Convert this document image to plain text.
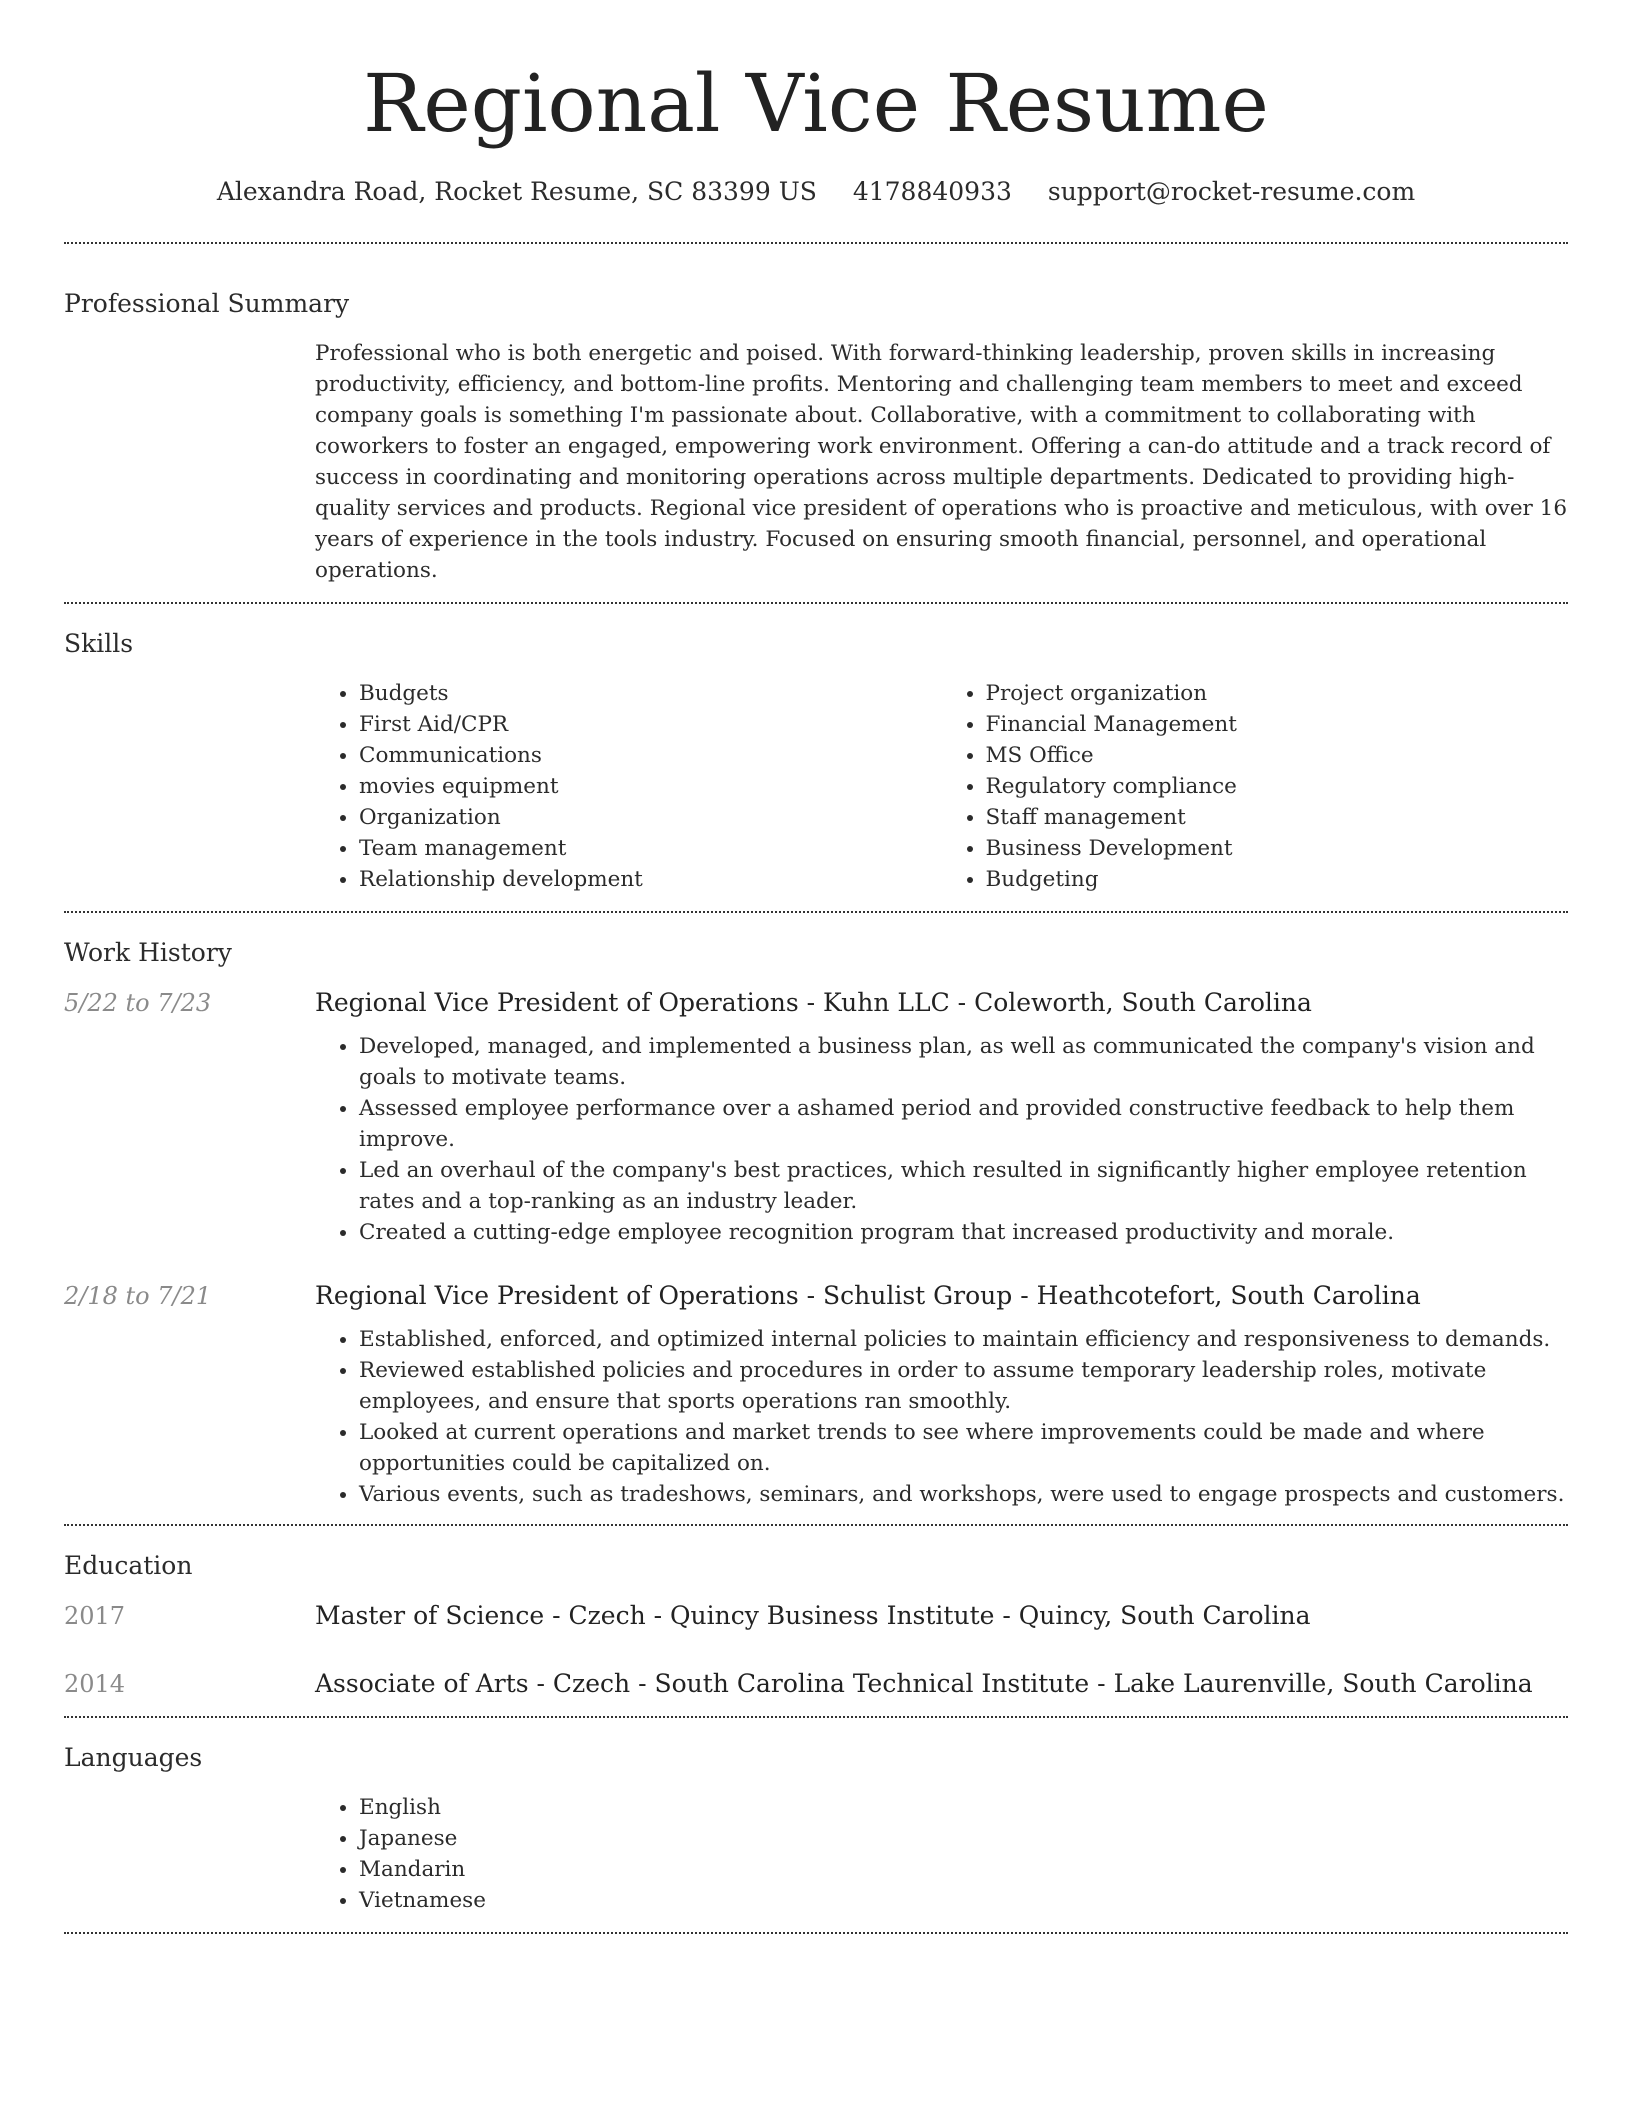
Regional Vice Resume
Alexandra Road, Rocket Resume, SC 83399 US 4178840933 support@rocket-resume.com
Professional Summary
Professional who is both energetic and poised. With forward-thinking leadership, proven skills in increasing productivity, efficiency, and bottom-line profits. Mentoring and challenging team members to meet and exceed company goals is something I'm passionate about. Collaborative, with a commitment to collaborating with coworkers to foster an engaged, empowering work environment. Offering a can-do attitude and a track record of success in coordinating and monitoring operations across multiple departments. Dedicated to providing high-quality services and products. Regional vice president of operations who is proactive and meticulous, with over 16 years of experience in the tools industry. Focused on ensuring smooth financial, personnel, and operational operations.
Skills
• Budgets
• First Aid/CPR
• Communications
• movies equipment
• Organization
• Team management
• Relationship development
• Project organization
• Financial Management
• MS Office
• Regulatory compliance
• Staff management
• Business Development
• Budgeting
Work History
5/22 to 7/23	Regional Vice President of Operations - Kuhn LLC - Coleworth, South Carolina
• Developed, managed, and implemented a business plan, as well as communicated the company's vision and goals to motivate teams.
• Assessed employee performance over a ashamed period and provided constructive feedback to help them improve.
• Led an overhaul of the company's best practices, which resulted in significantly higher employee retention rates and a top-ranking as an industry leader.
• Created a cutting-edge employee recognition program that increased productivity and morale.
2/18 to 7/21	Regional Vice President of Operations - Schulist Group - Heathcotefort, South Carolina
• Established, enforced, and optimized internal policies to maintain efficiency and responsiveness to demands.
• Reviewed established policies and procedures in order to assume temporary leadership roles, motivate employees, and ensure that sports operations ran smoothly.
• Looked at current operations and market trends to see where improvements could be made and where opportunities could be capitalized on.
• Various events, such as tradeshows, seminars, and workshops, were used to engage prospects and customers.
Education
2017	Master of Science - Czech - Quincy Business Institute - Quincy, South Carolina
2014	Associate of Arts - Czech - South Carolina Technical Institute - Lake Laurenville, South Carolina
Languages
• English
• Japanese
• Mandarin
• Vietnamese
